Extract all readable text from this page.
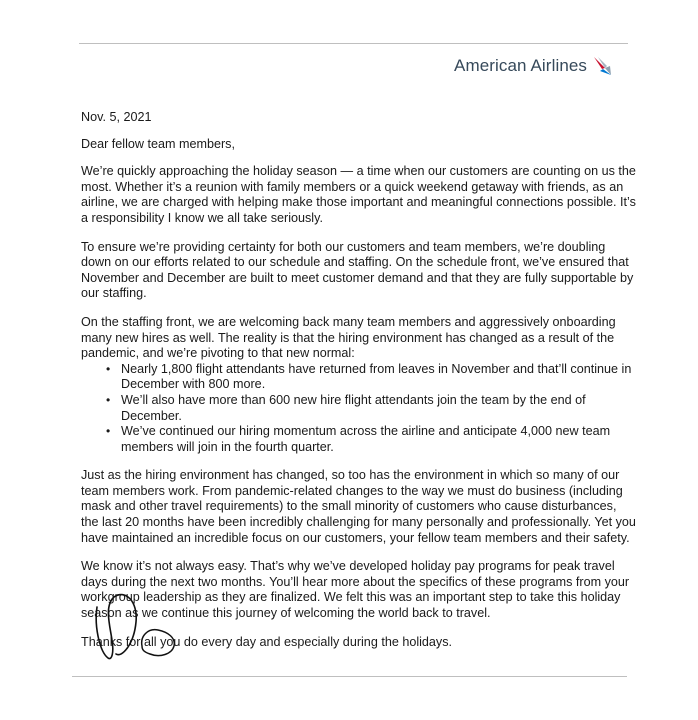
American Airlines

Nov. 5, 2021

Dear fellow team members,

We’re quickly approaching the holiday season — a time when our customers are counting on us the most. Whether it’s a reunion with family members or a quick weekend getaway with friends, as an airline, we are charged with helping make those important and meaningful connections possible. It’s a responsibility I know we all take seriously.

To ensure we’re providing certainty for both our customers and team members, we’re doubling down on our efforts related to our schedule and staffing. On the schedule front, we’ve ensured that November and December are built to meet customer demand and that they are fully supportable by our staffing.

On the staffing front, we are welcoming back many team members and aggressively onboarding many new hires as well. The reality is that the hiring environment has changed as a result of the pandemic, and we’re pivoting to that new normal:

• Nearly 1,800 flight attendants have returned from leaves in November and that’ll continue in December with 800 more.
• We’ll also have more than 600 new hire flight attendants join the team by the end of December.
• We’ve continued our hiring momentum across the airline and anticipate 4,000 new team members will join in the fourth quarter.

Just as the hiring environment has changed, so too has the environment in which so many of our team members work. From pandemic-related changes to the way we must do business (including mask and other travel requirements) to the small minority of customers who cause disturbances, the last 20 months have been incredibly challenging for many personally and professionally. Yet you have maintained an incredible focus on our customers, your fellow team members and their safety.

We know it’s not always easy. That’s why we’ve developed holiday pay programs for peak travel days during the next two months. You’ll hear more about the specifics of these programs from your workgroup leadership as they are finalized. We felt this was an important step to take this holiday season as we continue this journey of welcoming the world back to travel.

Thanks for all you do every day and especially during the holidays.
